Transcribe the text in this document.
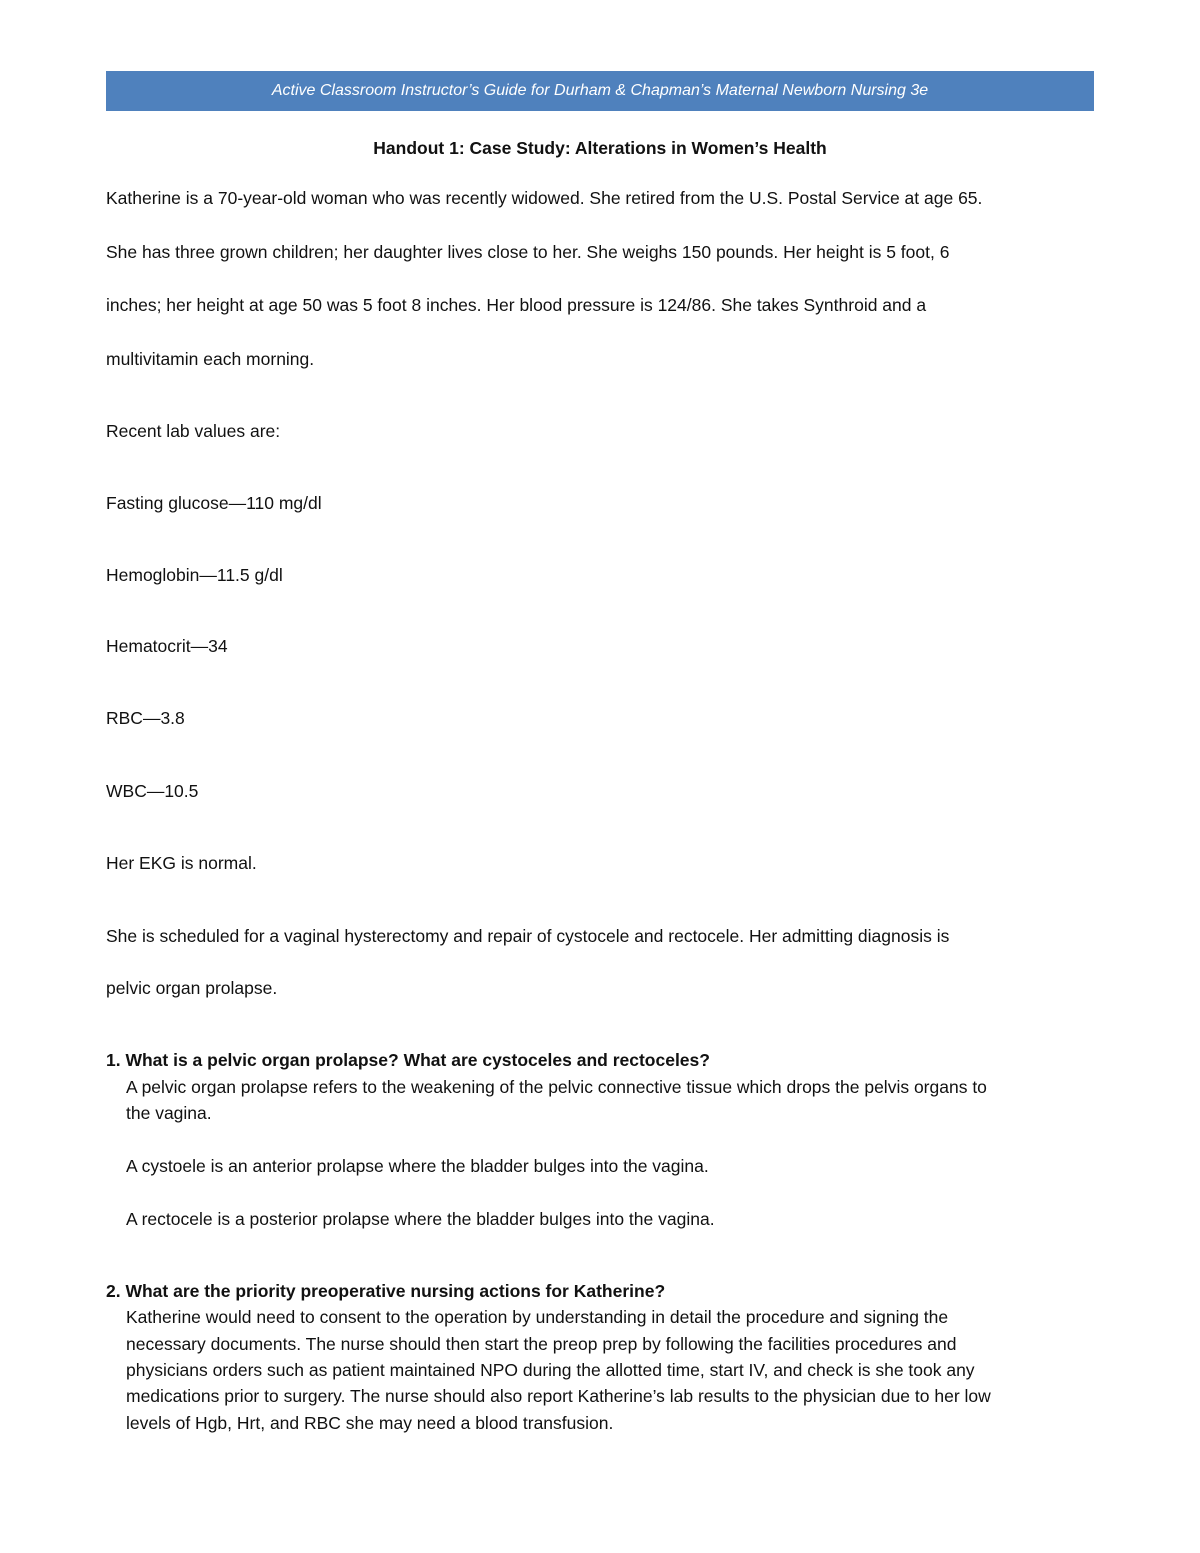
Active Classroom Instructor’s Guide for Durham & Chapman’s Maternal Newborn Nursing 3e
Handout 1: Case Study: Alterations in Women’s Health
Katherine is a 70-year-old woman who was recently widowed. She retired from the U.S. Postal Service at age 65.
She has three grown children; her daughter lives close to her. She weighs 150 pounds. Her height is 5 foot, 6
inches; her height at age 50 was 5 foot 8 inches. Her blood pressure is 124/86. She takes Synthroid and a
multivitamin each morning.
Recent lab values are:
Fasting glucose—110 mg/dl
Hemoglobin—11.5 g/dl
Hematocrit—34
RBC—3.8
WBC—10.5
Her EKG is normal.
She is scheduled for a vaginal hysterectomy and repair of cystocele and rectocele. Her admitting diagnosis is
pelvic organ prolapse.
1. What is a pelvic organ prolapse? What are cystoceles and rectoceles?
A pelvic organ prolapse refers to the weakening of the pelvic connective tissue which drops the pelvis organs to
the vagina.
A cystoele is an anterior prolapse where the bladder bulges into the vagina.
A rectocele is a posterior prolapse where the bladder bulges into the vagina.
2. What are the priority preoperative nursing actions for Katherine?
Katherine would need to consent to the operation by understanding in detail the procedure and signing the
necessary documents. The nurse should then start the preop prep by following the facilities procedures and
physicians orders such as patient maintained NPO during the allotted time, start IV, and check is she took any
medications prior to surgery. The nurse should also report Katherine’s lab results to the physician due to her low
levels of Hgb, Hrt, and RBC she may need a blood transfusion.
